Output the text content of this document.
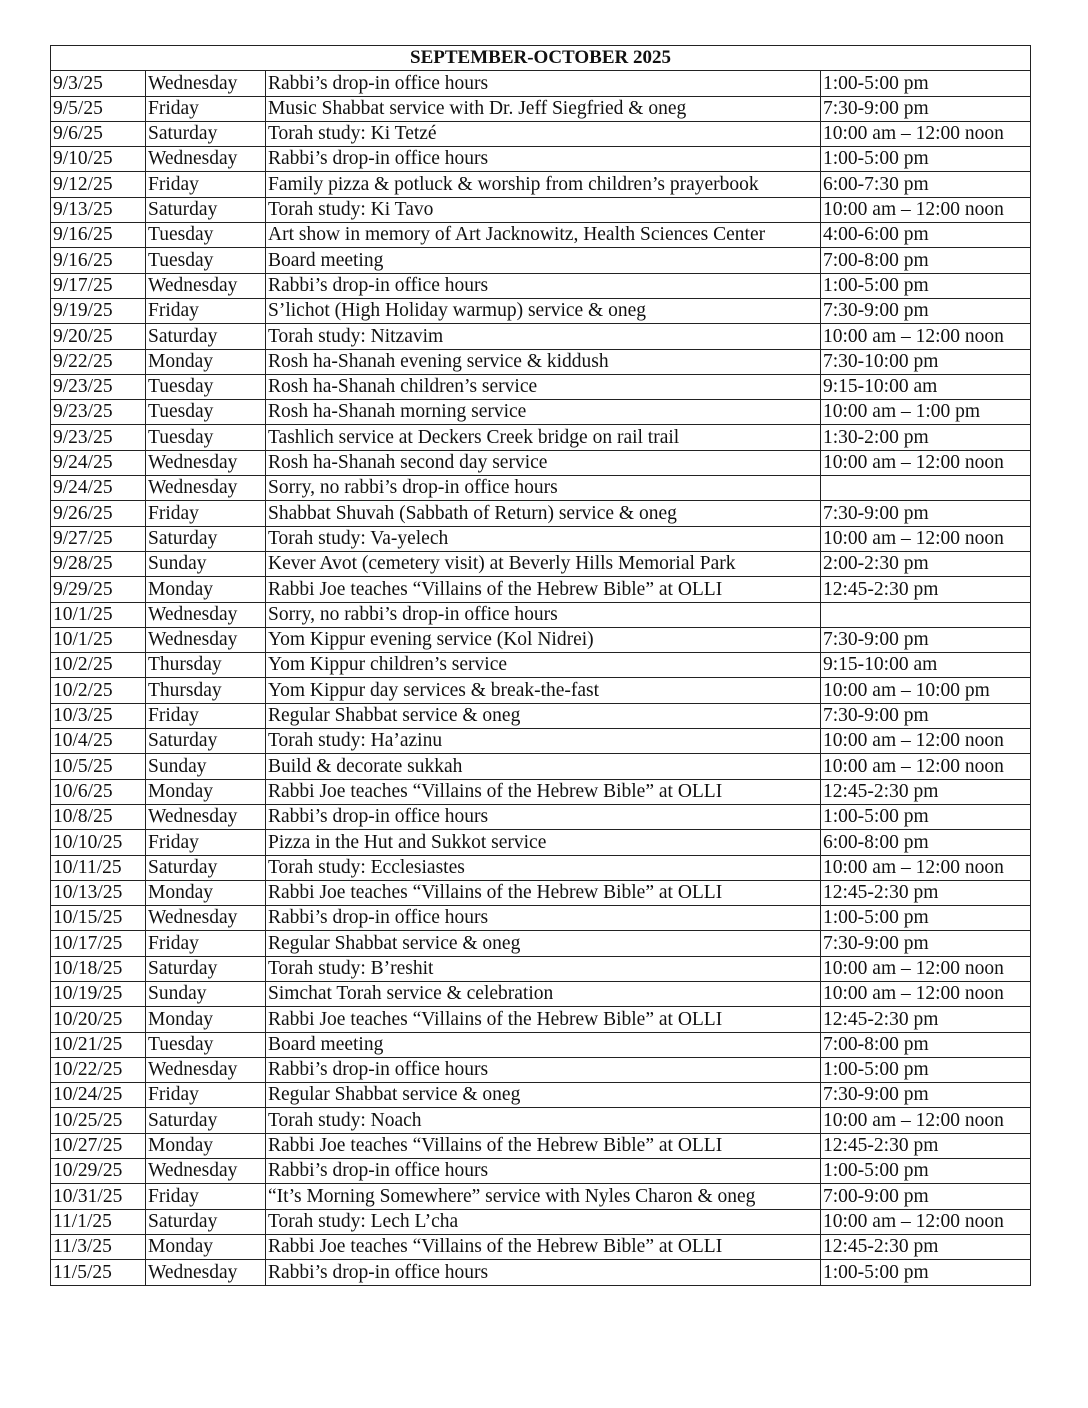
SEPTEMBER-OCTOBER 2025			
9/3/25	Wednesday	Rabbi’s drop-in office hours	1:00-5:00 pm
9/5/25	Friday	Music Shabbat service with Dr. Jeff Siegfried & oneg	7:30-9:00 pm
9/6/25	Saturday	Torah study: Ki Tetzé	10:00 am – 12:00 noon
9/10/25	Wednesday	Rabbi’s drop-in office hours	1:00-5:00 pm
9/12/25	Friday	Family pizza & potluck & worship from children’s prayerbook	6:00-7:30 pm
9/13/25	Saturday	Torah study: Ki Tavo	10:00 am – 12:00 noon
9/16/25	Tuesday	Art show in memory of Art Jacknowitz, Health Sciences Center	4:00-6:00 pm
9/16/25	Tuesday	Board meeting	7:00-8:00 pm
9/17/25	Wednesday	Rabbi’s drop-in office hours	1:00-5:00 pm
9/19/25	Friday	S’lichot (High Holiday warmup) service & oneg	7:30-9:00 pm
9/20/25	Saturday	Torah study: Nitzavim	10:00 am – 12:00 noon
9/22/25	Monday	Rosh ha-Shanah evening service & kiddush	7:30-10:00 pm
9/23/25	Tuesday	Rosh ha-Shanah children’s service	9:15-10:00 am
9/23/25	Tuesday	Rosh ha-Shanah morning service	10:00 am – 1:00 pm
9/23/25	Tuesday	Tashlich service at Deckers Creek bridge on rail trail	1:30-2:00 pm
9/24/25	Wednesday	Rosh ha-Shanah second day service	10:00 am – 12:00 noon
9/24/25	Wednesday	Sorry, no rabbi’s drop-in office hours	
9/26/25	Friday	Shabbat Shuvah (Sabbath of Return) service & oneg	7:30-9:00 pm
9/27/25	Saturday	Torah study: Va-yelech	10:00 am – 12:00 noon
9/28/25	Sunday	Kever Avot (cemetery visit) at Beverly Hills Memorial Park	2:00-2:30 pm
9/29/25	Monday	Rabbi Joe teaches “Villains of the Hebrew Bible” at OLLI	12:45-2:30 pm
10/1/25	Wednesday	Sorry, no rabbi’s drop-in office hours	
10/1/25	Wednesday	Yom Kippur evening service (Kol Nidrei)	7:30-9:00 pm
10/2/25	Thursday	Yom Kippur children’s service	9:15-10:00 am
10/2/25	Thursday	Yom Kippur day services & break-the-fast	10:00 am – 10:00 pm
10/3/25	Friday	Regular Shabbat service & oneg	7:30-9:00 pm
10/4/25	Saturday	Torah study: Ha’azinu	10:00 am – 12:00 noon
10/5/25	Sunday	Build & decorate sukkah	10:00 am – 12:00 noon
10/6/25	Monday	Rabbi Joe teaches “Villains of the Hebrew Bible” at OLLI	12:45-2:30 pm
10/8/25	Wednesday	Rabbi’s drop-in office hours	1:00-5:00 pm
10/10/25	Friday	Pizza in the Hut and Sukkot service	6:00-8:00 pm
10/11/25	Saturday	Torah study: Ecclesiastes	10:00 am – 12:00 noon
10/13/25	Monday	Rabbi Joe teaches “Villains of the Hebrew Bible” at OLLI	12:45-2:30 pm
10/15/25	Wednesday	Rabbi’s drop-in office hours	1:00-5:00 pm
10/17/25	Friday	Regular Shabbat service & oneg	7:30-9:00 pm
10/18/25	Saturday	Torah study: B’reshit	10:00 am – 12:00 noon
10/19/25	Sunday	Simchat Torah service & celebration	10:00 am – 12:00 noon
10/20/25	Monday	Rabbi Joe teaches “Villains of the Hebrew Bible” at OLLI	12:45-2:30 pm
10/21/25	Tuesday	Board meeting	7:00-8:00 pm
10/22/25	Wednesday	Rabbi’s drop-in office hours	1:00-5:00 pm
10/24/25	Friday	Regular Shabbat service & oneg	7:30-9:00 pm
10/25/25	Saturday	Torah study: Noach	10:00 am – 12:00 noon
10/27/25	Monday	Rabbi Joe teaches “Villains of the Hebrew Bible” at OLLI	12:45-2:30 pm
10/29/25	Wednesday	Rabbi’s drop-in office hours	1:00-5:00 pm
10/31/25	Friday	“It’s Morning Somewhere” service with Nyles Charon & oneg	7:00-9:00 pm
11/1/25	Saturday	Torah study: Lech L’cha	10:00 am – 12:00 noon
11/3/25	Monday	Rabbi Joe teaches “Villains of the Hebrew Bible” at OLLI	12:45-2:30 pm
11/5/25	Wednesday	Rabbi’s drop-in office hours	1:00-5:00 pm
